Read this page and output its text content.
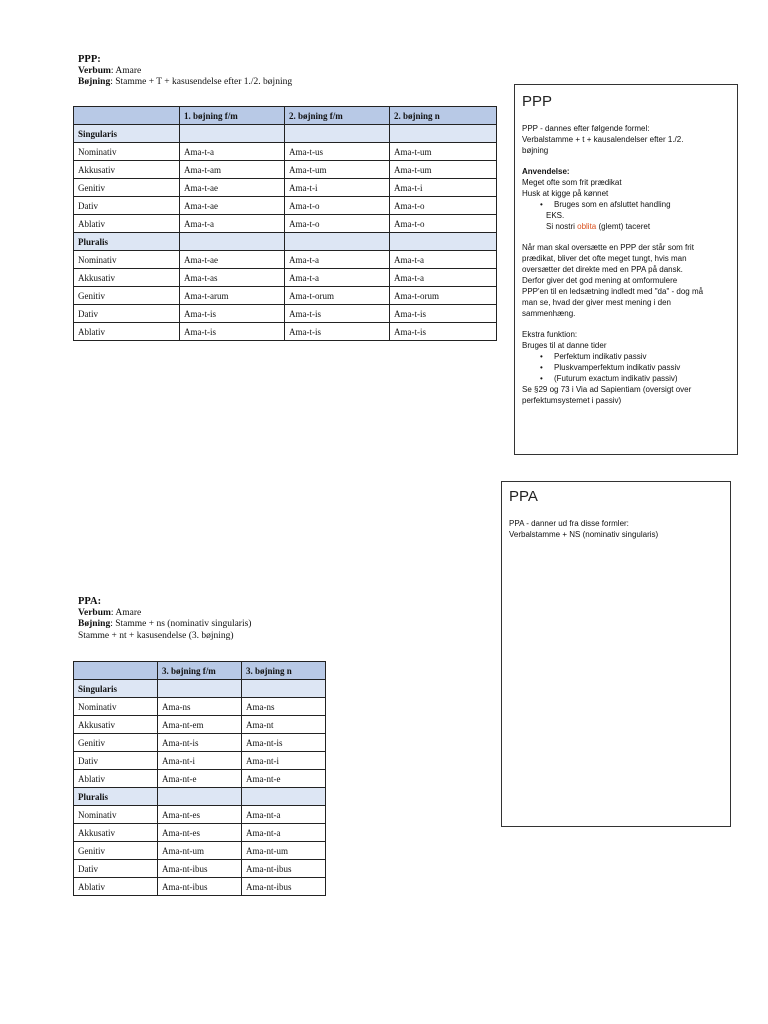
PPP:
Verbum: Amare
Bøjning: Stamme + T + kasusendelse efter 1./2. bøjning
	1. bøjning f/m	2. bøjning f/m	2. bøjning n
Singularis			
Nominativ	Ama-t-a	Ama-t-us	Ama-t-um
Akkusativ	Ama-t-am	Ama-t-um	Ama-t-um
Genitiv	Ama-t-ae	Ama-t-i	Ama-t-i
Dativ	Ama-t-ae	Ama-t-o	Ama-t-o
Ablativ	Ama-t-a	Ama-t-o	Ama-t-o
Pluralis			
Nominativ	Ama-t-ae	Ama-t-a	Ama-t-a
Akkusativ	Ama-t-as	Ama-t-a	Ama-t-a
Genitiv	Ama-t-arum	Ama-t-orum	Ama-t-orum
Dativ	Ama-t-is	Ama-t-is	Ama-t-is
Ablativ	Ama-t-is	Ama-t-is	Ama-t-is
PPP

PPP - dannes efter følgende formel:

Verbalstamme + t + kausalendelser efter 1./2.

bøjning

Anvendelse:

Meget ofte som frit prædikat

Husk at kigge på kønnet

• Bruges som en afsluttet handling

EKS.

Si nostri oblita (glemt) taceret

Når man skal oversætte en PPP der står som frit

prædikat, bliver det ofte meget tungt, hvis man

oversætter det direkte med en PPA på dansk.

Derfor giver det god mening at omformulere

PPP'en til en ledsætning indledt med "da" - dog må

man se, hvad der giver mest mening i den

sammenhæng.

Ekstra funktion:

Bruges til at danne tider

• Perfektum indikativ passiv
• Pluskvamperfektum indikativ passiv
• (Futurum exactum indikativ passiv)

Se §29 og 73 i Via ad Sapientiam (oversigt over

perfektumsystemet i passiv)

PPA

PPA - danner ud fra disse formler:

Verbalstamme + NS (nominativ singularis)

PPA:
Verbum: Amare
Bøjning: Stamme + ns (nominativ singularis)
Stamme + nt + kasusendelse (3. bøjning)
	3. bøjning f/m	3. bøjning n
Singularis		
Nominativ	Ama-ns	Ama-ns
Akkusativ	Ama-nt-em	Ama-nt
Genitiv	Ama-nt-is	Ama-nt-is
Dativ	Ama-nt-i	Ama-nt-i
Ablativ	Ama-nt-e	Ama-nt-e
Pluralis		
Nominativ	Ama-nt-es	Ama-nt-a
Akkusativ	Ama-nt-es	Ama-nt-a
Genitiv	Ama-nt-um	Ama-nt-um
Dativ	Ama-nt-ibus	Ama-nt-ibus
Ablativ	Ama-nt-ibus	Ama-nt-ibus
